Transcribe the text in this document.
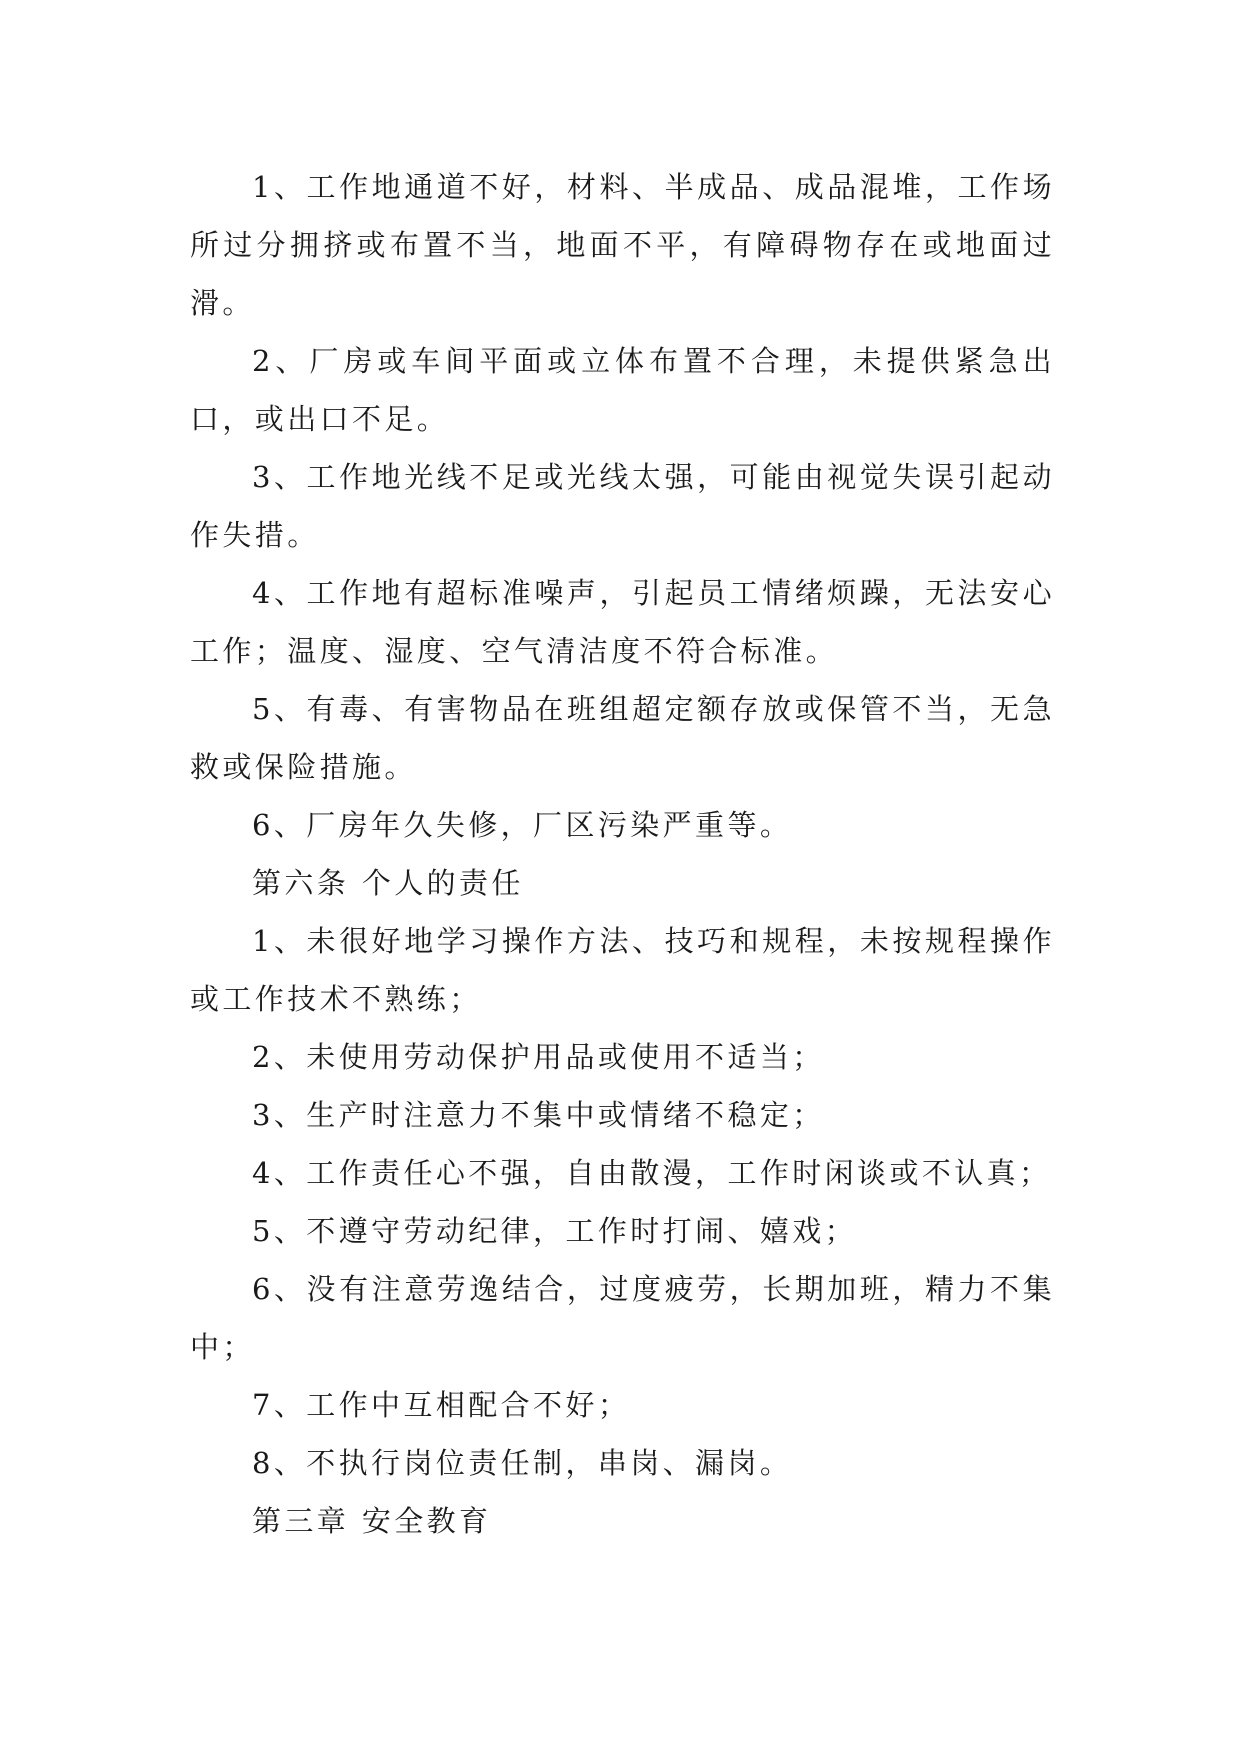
1、工作地通道不好，材料、半成品、成品混堆，工作场所过分拥挤或布置不当，地面不平，有障碍物存在或地面过滑。

2、厂房或车间平面或立体布置不合理，未提供紧急出口，或出口不足。

3、工作地光线不足或光线太强，可能由视觉失误引起动作失措。

4、工作地有超标准噪声，引起员工情绪烦躁，无法安心工作；温度、湿度、空气清洁度不符合标准。

5、有毒、有害物品在班组超定额存放或保管不当，无急救或保险措施。

6、厂房年久失修，厂区污染严重等。

第六条 个人的责任

1、未很好地学习操作方法、技巧和规程，未按规程操作或工作技术不熟练；

2、未使用劳动保护用品或使用不适当；

3、生产时注意力不集中或情绪不稳定；

4、工作责任心不强，自由散漫，工作时闲谈或不认真；

5、不遵守劳动纪律，工作时打闹、嬉戏；

6、没有注意劳逸结合，过度疲劳，长期加班，精力不集中；

7、工作中互相配合不好；

8、不执行岗位责任制，串岗、漏岗。

第三章 安全教育
